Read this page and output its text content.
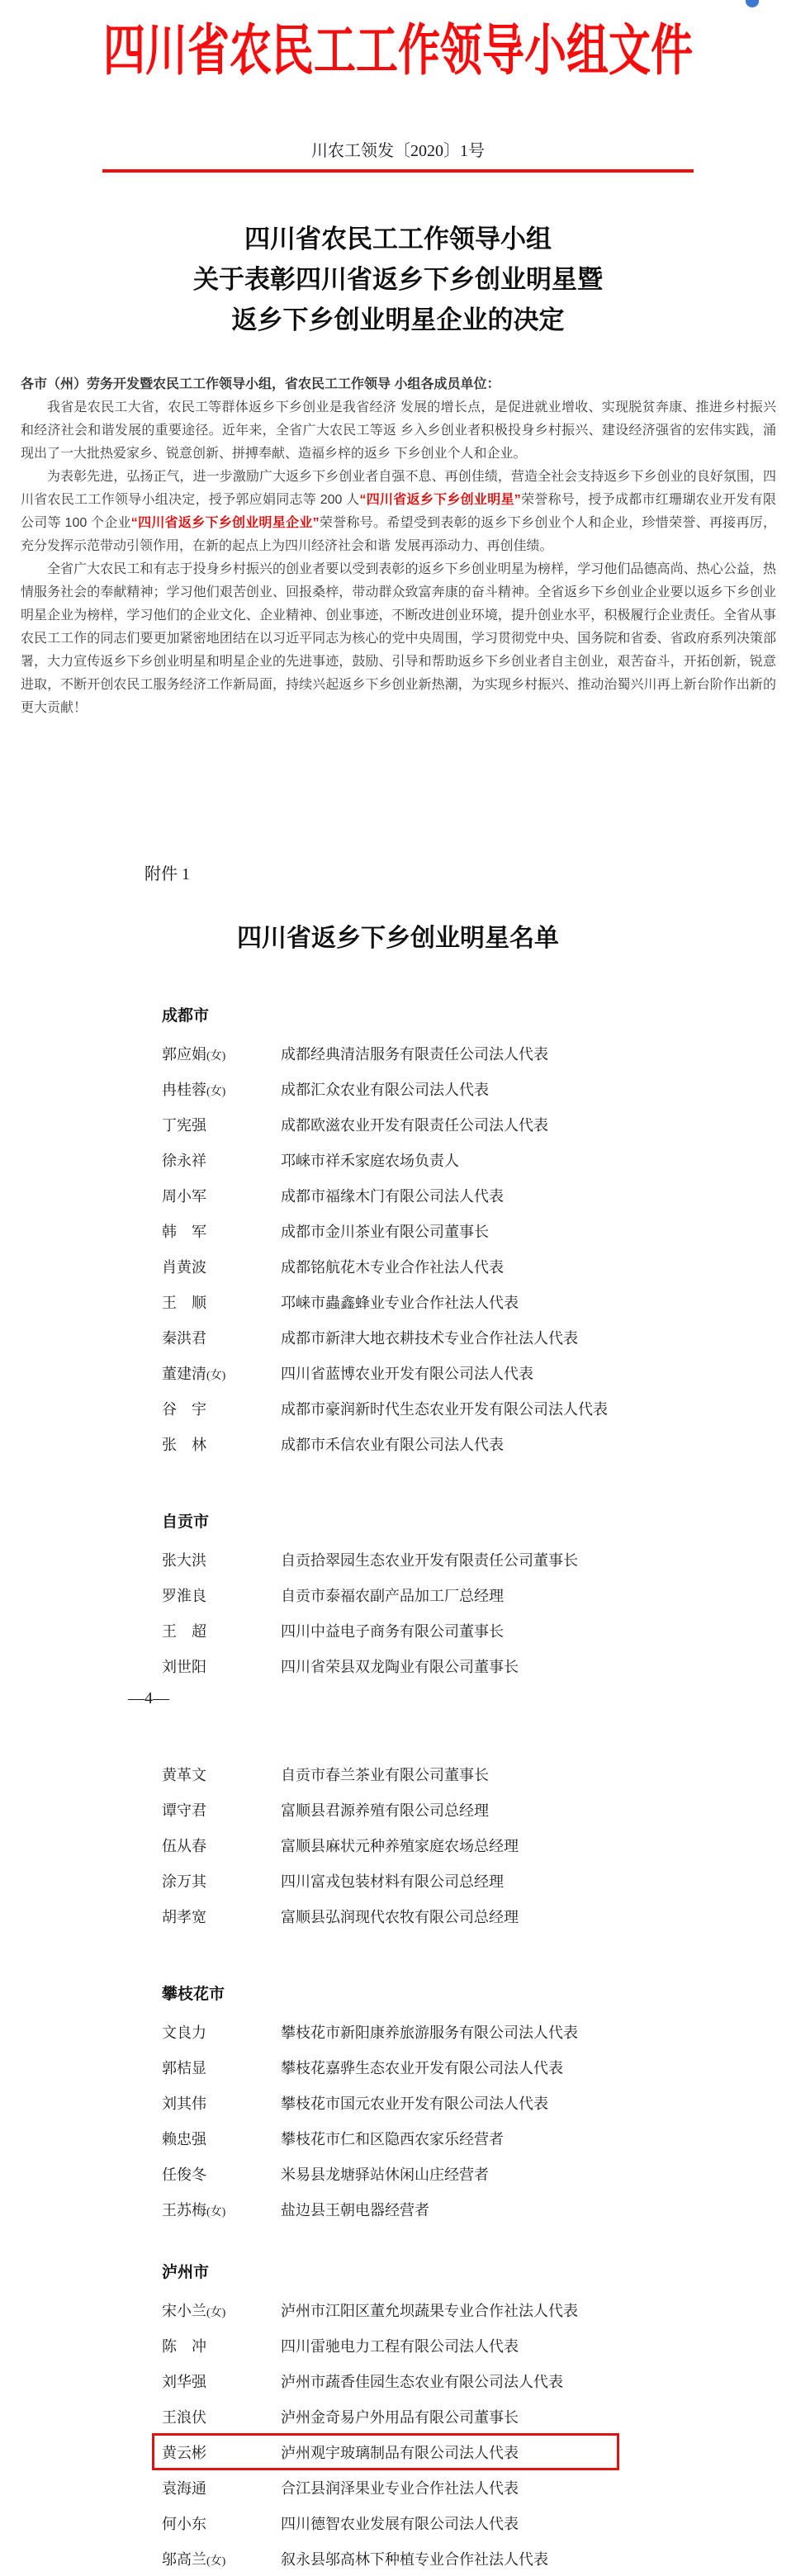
四川省农民工工作领导小组文件
川农工领发〔2020〕1号
四川省农民工工作领导小组
关于表彰四川省返乡下乡创业明星暨
返乡下乡创业明星企业的决定

各市（州）劳务开发暨农民工工作领导小组，省农民工工作领导 小组各成员单位：

我省是农民工大省，农民工等群体返乡下乡创业是我省经济 发展的增长点，是促进就业增收、实现脱贫奔康、推进乡村振兴和经济社会和谐发展的重要途径。近年来，全省广大农民工等返 乡入乡创业者积极投身乡村振兴、建设经济强省的宏伟实践，涌现出了一大批热爱家乡、锐意创新、拼搏奉献、造福乡梓的返乡 下乡创业个人和企业。

为表彰先进，弘扬正气，进一步激励广大返乡下乡创业者自强不息、再创佳绩，营造全社会支持返乡下乡创业的良好氛围，四川省农民工工作领导小组决定，授予郭应娟同志等 200 人“四川省返乡下乡创业明星”荣誉称号，授予成都市红珊瑚农业开发有限公司等 100 个企业“四川省返乡下乡创业明星企业”荣誉称号。希望受到表彰的返乡下乡创业个人和企业，珍惜荣誉、再接再厉，充分发挥示范带动引领作用，在新的起点上为四川经济社会和谐 发展再添动力、再创佳绩。

全省广大农民工和有志于投身乡村振兴的创业者要以受到表彰的返乡下乡创业明星为榜样，学习他们品德高尚、热心公益，热情服务社会的奉献精神；学习他们艰苦创业、回报桑梓，带动群众致富奔康的奋斗精神。全省返乡下乡创业企业要以返乡下乡创业明星企业为榜样，学习他们的企业文化、企业精神、创业事迹，不断改进创业环境，提升创业水平，积极履行企业责任。全省从事农民工工作的同志们要更加紧密地团结在以习近平同志为核心的党中央周围，学习贯彻党中央、国务院和省委、省政府系列决策部署，大力宣传返乡下乡创业明星和明星企业的先进事迹，鼓励、引导和帮助返乡下乡创业者自主创业，艰苦奋斗，开拓创新，锐意进取，不断开创农民工服务经济工作新局面，持续兴起返乡下乡创业新热潮，为实现乡村振兴、推动治蜀兴川再上新台阶作出新的更大贡献！

附件 1
四川省返乡下乡创业明星名单
成都市
郭应娟(女)	成都经典清洁服务有限责任公司法人代表
冉桂蓉(女)	成都汇众农业有限公司法人代表
丁宪强	成都欧滋农业开发有限责任公司法人代表
徐永祥	邛崃市祥禾家庭农场负责人
周小军	成都市福缘木门有限公司法人代表
韩　军	成都市金川茶业有限公司董事长
肖黄波	成都铭航花木专业合作社法人代表
王　顺	邛崃市蟲鑫蜂业专业合作社法人代表
秦洪君	成都市新津大地衣耕技术专业合作社法人代表
董建清(女)	四川省蓝博农业开发有限公司法人代表
谷　宇	成都市豪润新时代生态农业开发有限公司法人代表
张　林	成都市禾信农业有限公司法人代表
自贡市
张大洪	自贡拾翠园生态农业开发有限责任公司董事长
罗淮良	自贡市泰福农副产品加工厂总经理
王　超	四川中益电子商务有限公司董事长
刘世阳	四川省荣县双龙陶业有限公司董事长
—4—
黄革文	自贡市春兰茶业有限公司董事长
谭守君	富顺县君源养殖有限公司总经理
伍从春	富顺县麻状元种养殖家庭农场总经理
涂万其	四川富戎包装材料有限公司总经理
胡孝宽	富顺县弘润现代农牧有限公司总经理
攀枝花市
文良力	攀枝花市新阳康养旅游服务有限公司法人代表
郭桔显	攀枝花嘉骅生态农业开发有限公司法人代表
刘其伟	攀枝花市国元农业开发有限公司法人代表
赖忠强	攀枝花市仁和区隐西农家乐经营者
任俊冬	米易县龙塘驿站休闲山庄经营者
王苏梅(女)	盐边县王朝电器经营者
泸州市
宋小兰(女)	泸州市江阳区董允坝蔬果专业合作社法人代表
陈　冲	四川雷驰电力工程有限公司法人代表
刘华强	泸州市蔬香佳园生态农业有限公司法人代表
王浪伏	泸州金奇易户外用品有限公司董事长
黄云彬	泸州观宇玻璃制品有限公司法人代表
袁海通	合江县润泽果业专业合作社法人代表
何小东	四川德智农业发展有限公司法人代表
邬高兰(女)	叙永县邬高林下种植专业合作社法人代表
